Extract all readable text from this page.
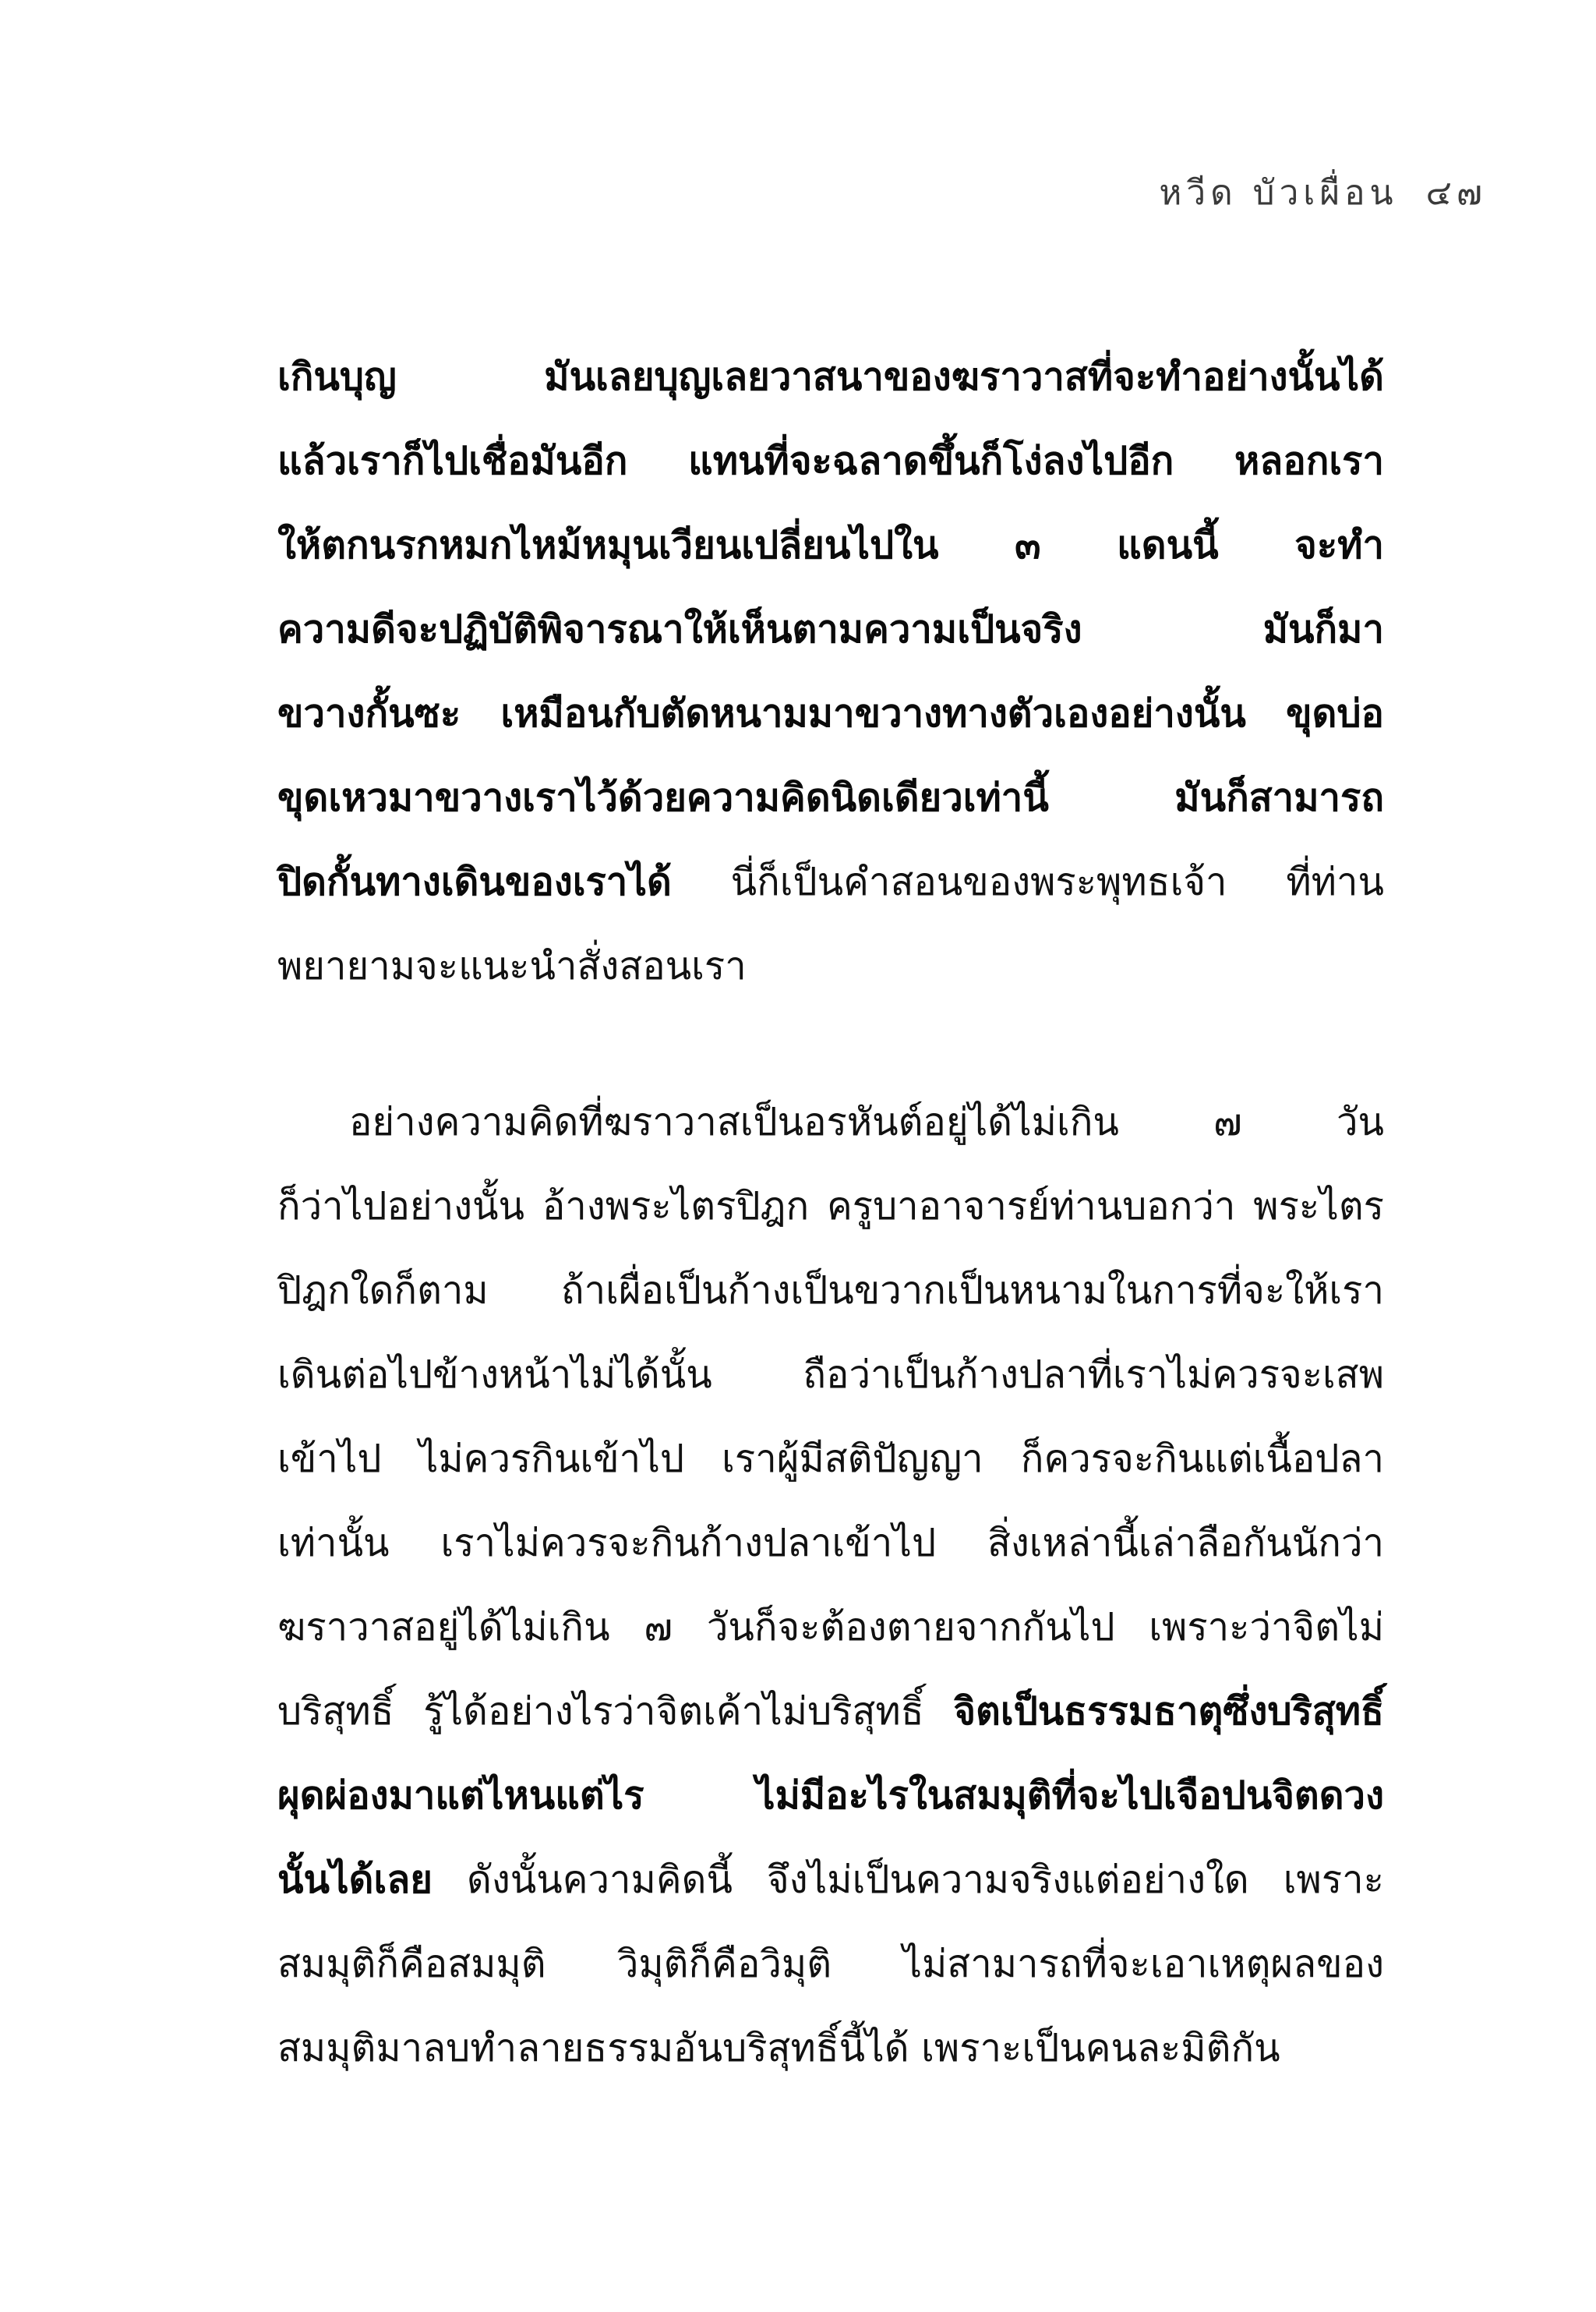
หวีด บัวเผื่อน ๔๗
เกินบุญ มันเลยบุญเลยวาสนาของฆราวาสที่จะทำอย่างนั้นได้
แล้วเราก็ไปเชื่อมันอีก แทนที่จะฉลาดขึ้นก็โง่ลงไปอีก หลอกเรา
ให้ตกนรกหมกไหม้หมุนเวียนเปลี่ยนไปใน ๓ แดนนี้ จะทำ
ความดีจะปฏิบัติพิจารณาให้เห็นตามความเป็นจริง มันก็มา
ขวางกั้นซะ เหมือนกับตัดหนามมาขวางทางตัวเองอย่างนั้น ขุดบ่อ
ขุดเหวมาขวางเราไว้ด้วยความคิดนิดเดียวเท่านี้ มันก็สามารถ
ปิดกั้นทางเดินของเราได้ นี่ก็เป็นคำสอนของพระพุทธเจ้า ที่ท่าน
พยายามจะแนะนำสั่งสอนเรา
อย่างความคิดที่ฆราวาสเป็นอรหันต์อยู่ได้ไม่เกิน ๗ วัน
ก็ว่าไปอย่างนั้น อ้างพระไตรปิฎก ครูบาอาจารย์ท่านบอกว่า พระไตร
ปิฎกใดก็ตาม ถ้าเผื่อเป็นก้างเป็นขวากเป็นหนามในการที่จะให้เรา
เดินต่อไปข้างหน้าไม่ได้นั้น ถือว่าเป็นก้างปลาที่เราไม่ควรจะเสพ
เข้าไป ไม่ควรกินเข้าไป เราผู้มีสติปัญญา ก็ควรจะกินแต่เนื้อปลา
เท่านั้น เราไม่ควรจะกินก้างปลาเข้าไป สิ่งเหล่านี้เล่าลือกันนักว่า
ฆราวาสอยู่ได้ไม่เกิน ๗ วันก็จะต้องตายจากกันไป เพราะว่าจิตไม่
บริสุทธิ์ รู้ได้อย่างไรว่าจิตเค้าไม่บริสุทธิ์ จิตเป็นธรรมธาตุซึ่งบริสุทธิ์
ผุดผ่องมาแต่ไหนแต่ไร ไม่มีอะไรในสมมุติที่จะไปเจือปนจิตดวง
นั้นได้เลย ดังนั้นความคิดนี้ จึงไม่เป็นความจริงแต่อย่างใด เพราะ
สมมุติก็คือสมมุติ วิมุติก็คือวิมุติ ไม่สามารถที่จะเอาเหตุผลของ
สมมุติมาลบทำลายธรรมอันบริสุทธิ์นี้ได้ เพราะเป็นคนละมิติกัน
